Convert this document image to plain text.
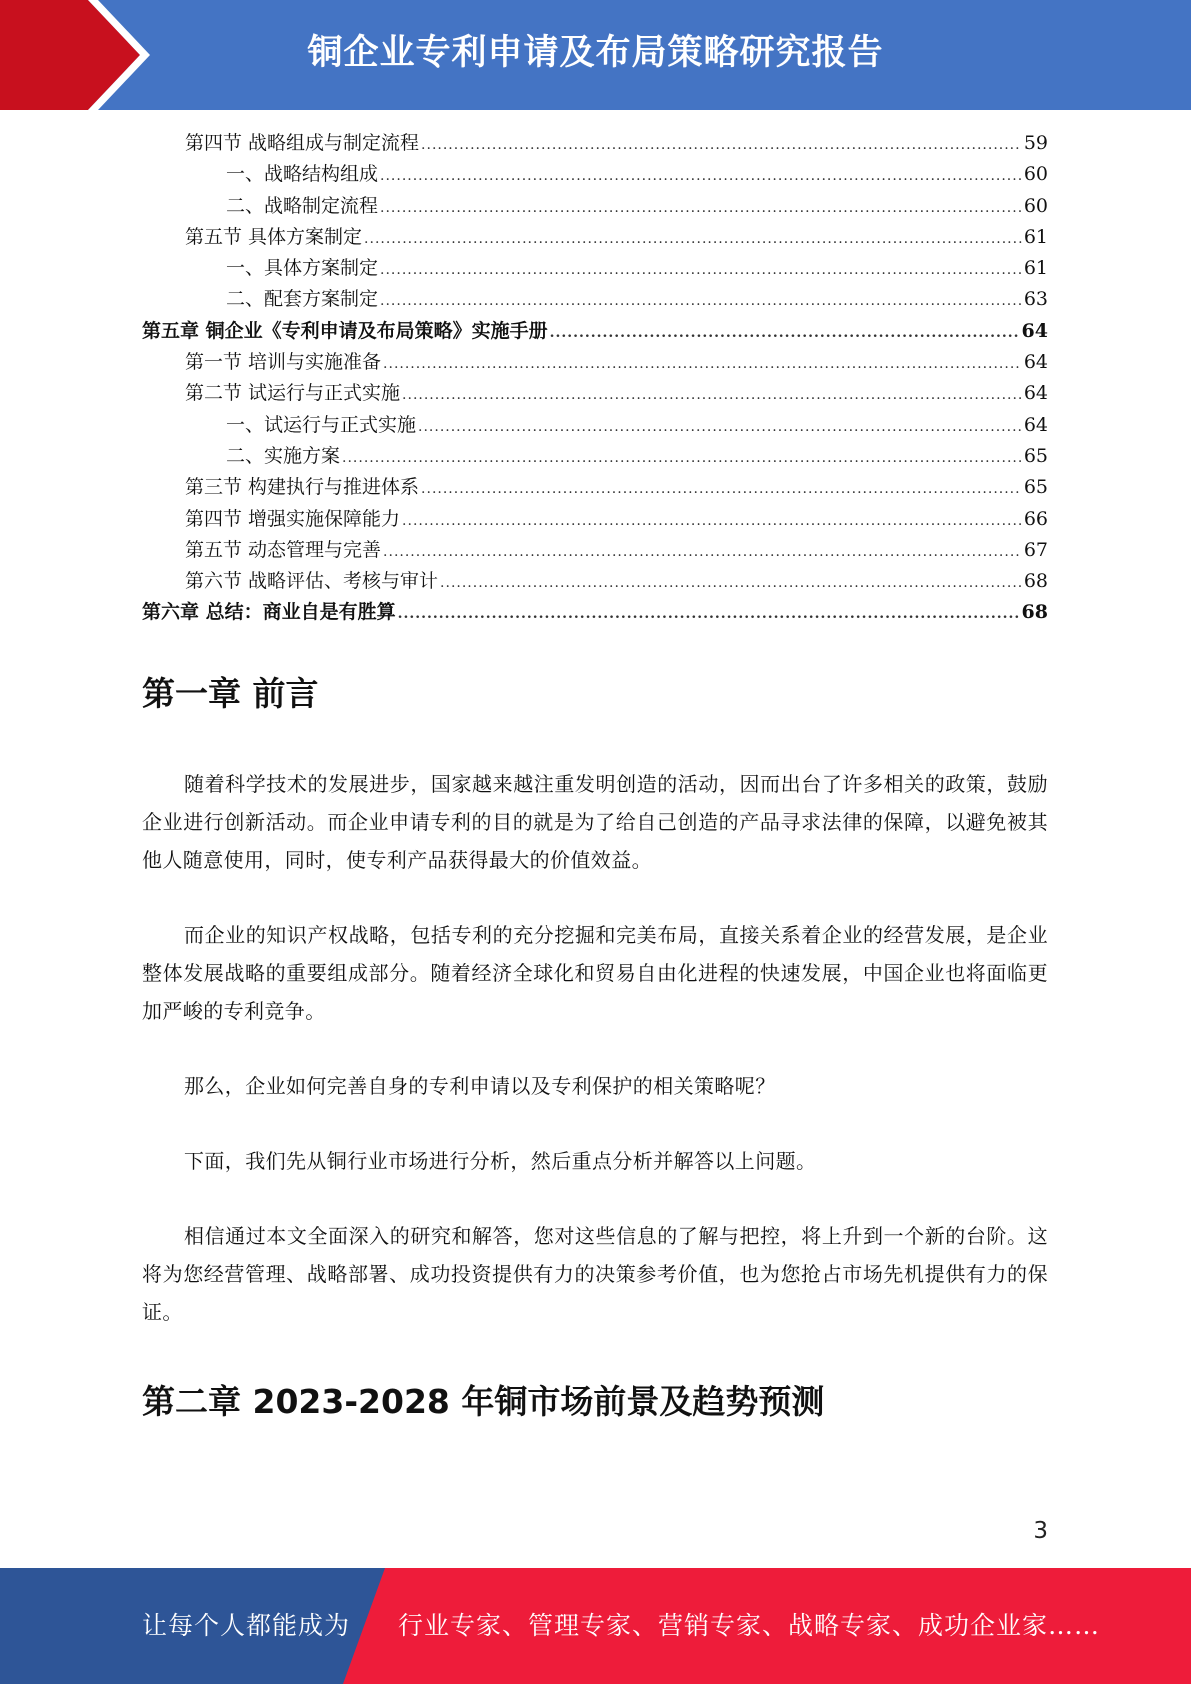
铜企业专利申请及布局策略研究报告
第四节 战略组成与制定流程 .....	59
一、战略结构组成 .....	60
二、战略制定流程 .....	60
第五节 具体方案制定 .....	61
一、具体方案制定 .....	61
二、配套方案制定 .....	63
第五章 铜企业《专利申请及布局策略》实施手册 .....	64
第一节 培训与实施准备 .....	64
第二节 试运行与正式实施 .....	64
一、试运行与正式实施 .....	64
二、实施方案 .....	65
第三节 构建执行与推进体系 .....	65
第四节 增强实施保障能力 .....	66
第五节 动态管理与完善 .....	67
第六节 战略评估、考核与审计 .....	68
第六章 总结：商业自是有胜算 .....	68
第一章 前言

随着科学技术的发展进步，国家越来越注重发明创造的活动，因而出台了许多相关的政策，鼓励企业进行创新活动。而企业申请专利的目的就是为了给自己创造的产品寻求法律的保障，以避免被其他人随意使用，同时，使专利产品获得最大的价值效益。

而企业的知识产权战略，包括专利的充分挖掘和完美布局，直接关系着企业的经营发展，是企业整体发展战略的重要组成部分。随着经济全球化和贸易自由化进程的快速发展，中国企业也将面临更加严峻的专利竞争。

那么，企业如何完善自身的专利申请以及专利保护的相关策略呢？

下面，我们先从铜行业市场进行分析，然后重点分析并解答以上问题。

相信通过本文全面深入的研究和解答，您对这些信息的了解与把控，将上升到一个新的台阶。这将为您经营管理、战略部署、成功投资提供有力的决策参考价值，也为您抢占市场先机提供有力的保证。

第二章 2023-2028 年铜市场前景及趋势预测
3
让每个人都能成为 行业专家、管理专家、营销专家、战略专家、成功企业家……
